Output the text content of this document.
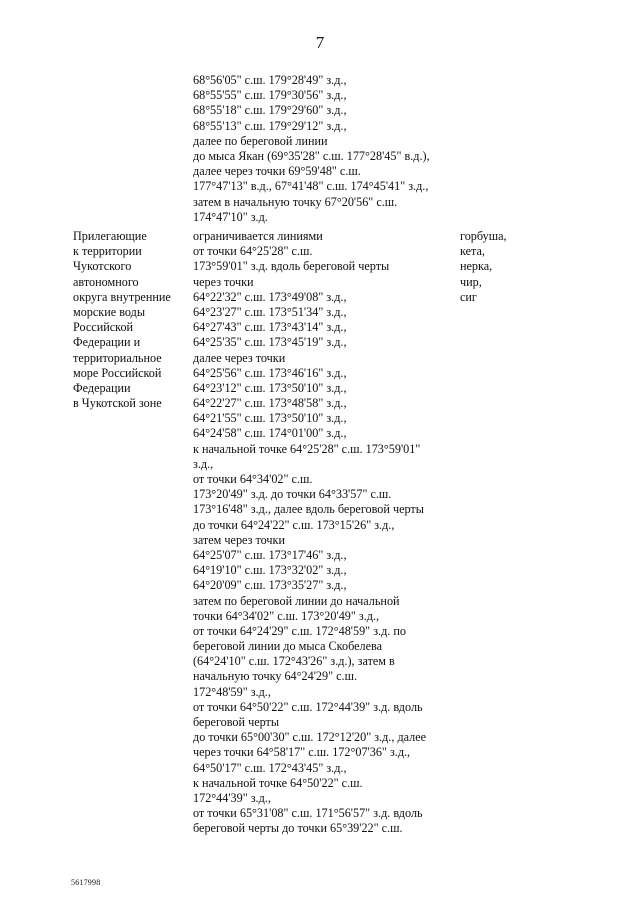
7
68°56'05" с.ш. 179°28'49" з.д.,
68°55'55" с.ш. 179°30'56" з.д.,
68°55'18" с.ш. 179°29'60" з.д.,
68°55'13" с.ш. 179°29'12" з.д.,
далее по береговой линии
до мыса Якан (69°35'28" с.ш. 177°28'45" в.д.),
далее через точки 69°59'48" с.ш.
177°47'13" в.д., 67°41'48" с.ш. 174°45'41" з.д.,
затем в начальную точку 67°20'56" с.ш.
174°47'10" з.д.
Прилегающие
к территории
Чукотского
автономного
округа внутренние
морские воды
Российской
Федерации и
территориальное
море Российской
Федерации
в Чукотской зоне
ограничивается линиями
от точки 64°25'28" с.ш.
173°59'01" з.д. вдоль береговой черты
через точки
64°22'32" с.ш. 173°49'08" з.д.,
64°23'27" с.ш. 173°51'34" з.д.,
64°27'43" с.ш. 173°43'14" з.д.,
64°25'35" с.ш. 173°45'19" з.д.,
далее через точки
64°25'56" с.ш. 173°46'16" з.д.,
64°23'12" с.ш. 173°50'10" з.д.,
64°22'27" с.ш. 173°48'58" з.д.,
64°21'55" с.ш. 173°50'10" з.д.,
64°24'58" с.ш. 174°01'00" з.д.,
к начальной точке 64°25'28" с.ш. 173°59'01"
з.д.,
от точки 64°34'02" с.ш.
173°20'49" з.д. до точки 64°33'57" с.ш.
173°16'48" з.д., далее вдоль береговой черты
до точки 64°24'22" с.ш. 173°15'26" з.д.,
затем через точки
64°25'07" с.ш. 173°17'46" з.д.,
64°19'10" с.ш. 173°32'02" з.д.,
64°20'09" с.ш. 173°35'27" з.д.,
затем по береговой линии до начальной
точки 64°34'02" с.ш. 173°20'49" з.д.,
от точки 64°24'29" с.ш. 172°48'59" з.д. по
береговой линии до мыса Скобелева
(64°24'10" с.ш. 172°43'26" з.д.), затем в
начальную точку 64°24'29" с.ш.
172°48'59" з.д.,
от точки 64°50'22" с.ш. 172°44'39" з.д. вдоль
береговой черты
до точки 65°00'30" с.ш. 172°12'20" з.д., далее
через точки 64°58'17" с.ш. 172°07'36" з.д.,
64°50'17" с.ш. 172°43'45" з.д.,
к начальной точке 64°50'22" с.ш.
172°44'39" з.д.,
от точки 65°31'08" с.ш. 171°56'57" з.д. вдоль
береговой черты до точки 65°39'22" с.ш.
горбуша,
кета,
нерка,
чир,
сиг
5617998
